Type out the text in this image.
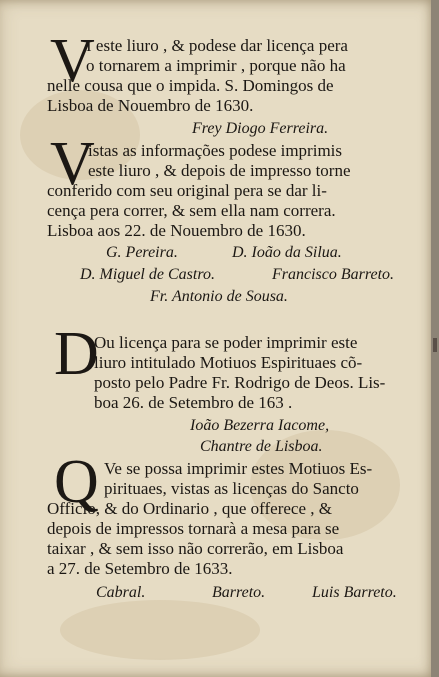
V
I este liuro , & podese dar licença pera
o tornarem a imprimir , porque não ha
nelle cousa que o impida. S. Domingos de
Lisboa de Nouembro de 1630.
Frey Diogo Ferreira.
V
istas as informações podese imprimis
este liuro , & depois de impresso torne
conferido com seu original pera se dar li-
cença pera correr, & sem ella nam correra.
Lisboa aos 22. de Nouembro de 1630.
G. Pereira.	D. Ioão da Silua.
D. Miguel de Castro.	Francisco Barreto.
Fr. Antonio de Sousa.
D
Ou licença para se poder imprimir este
liuro intitulado Motiuos Espirituaes cõ-
posto pelo Padre Fr. Rodrigo de Deos. Lis-
boa 26. de Setembro de 163 .
Ioão Bezerra Iacome,
Chantre de Lisboa.
Q Ve se possa imprimir estes Motiuos Es-
pirituaes, vistas as licenças do Sancto
Officio, & do Ordinario , que offerece , &
depois de impressos tornarà a mesa para se
taixar , & sem isso não correrão, em Lisboa
a 27. de Setembro de 1633.
Cabral.	Barreto.	Luis Barreto.
